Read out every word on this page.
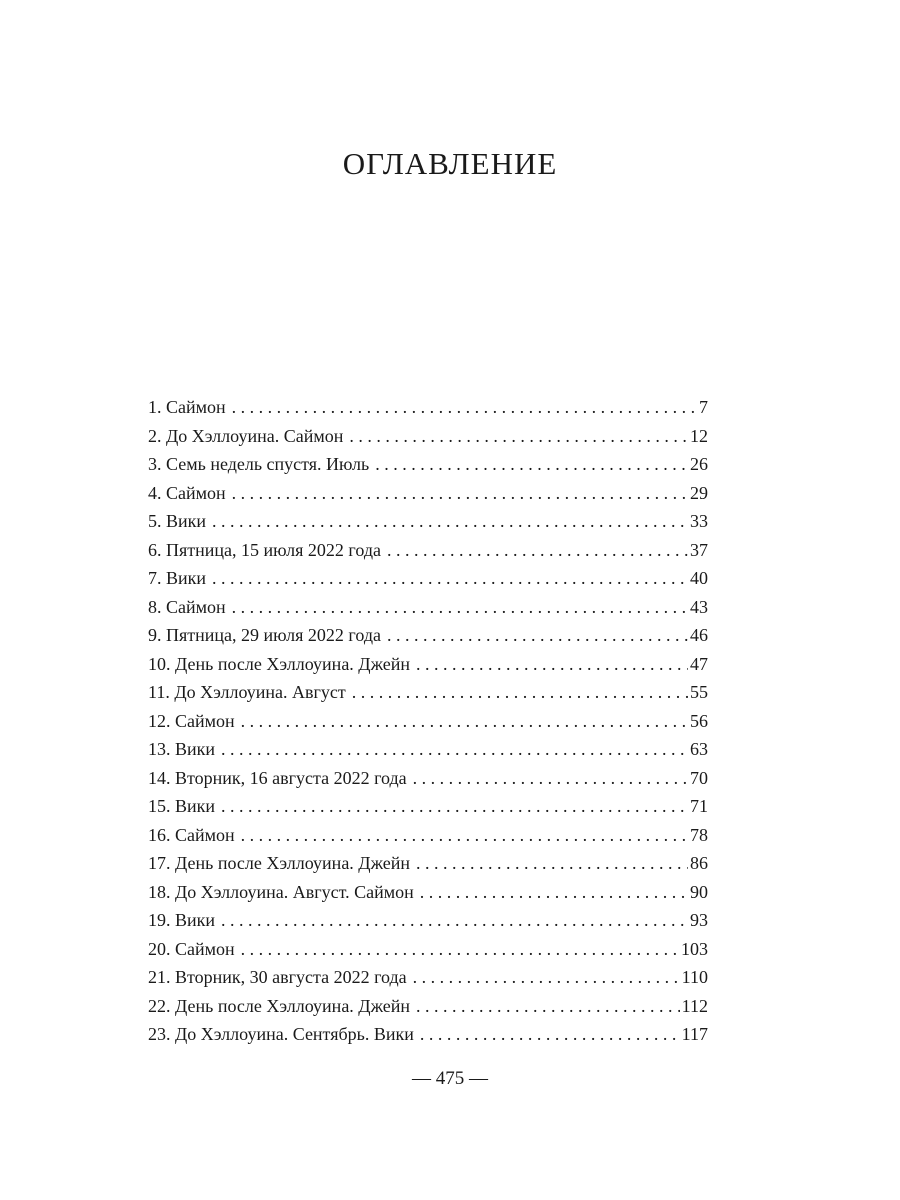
ОГЛАВЛЕНИЕ
1. Саймон . . .	7
2. До Хэллоуина. Саймон . . .	12
3. Семь недель спустя. Июль . . .	26
4. Саймон . . .	29
5. Вики . . .	33
6. Пятница, 15 июля 2022 года . . .	37
7. Вики . . .	40
8. Саймон . . .	43
9. Пятница, 29 июля 2022 года . . .	46
10. День после Хэллоуина. Джейн . . .	47
11. До Хэллоуина. Август . . .	55
12. Саймон . . .	56
13. Вики . . .	63
14. Вторник, 16 августа 2022 года . . .	70
15. Вики . . .	71
16. Саймон . . .	78
17. День после Хэллоуина. Джейн . . .	86
18. До Хэллоуина. Август. Саймон . . .	90
19. Вики . . .	93
20. Саймон . . .	103
21. Вторник, 30 августа 2022 года . . .	110
22. День после Хэллоуина. Джейн . . .	112
23. До Хэллоуина. Сентябрь. Вики . . .	117
— 475 —
